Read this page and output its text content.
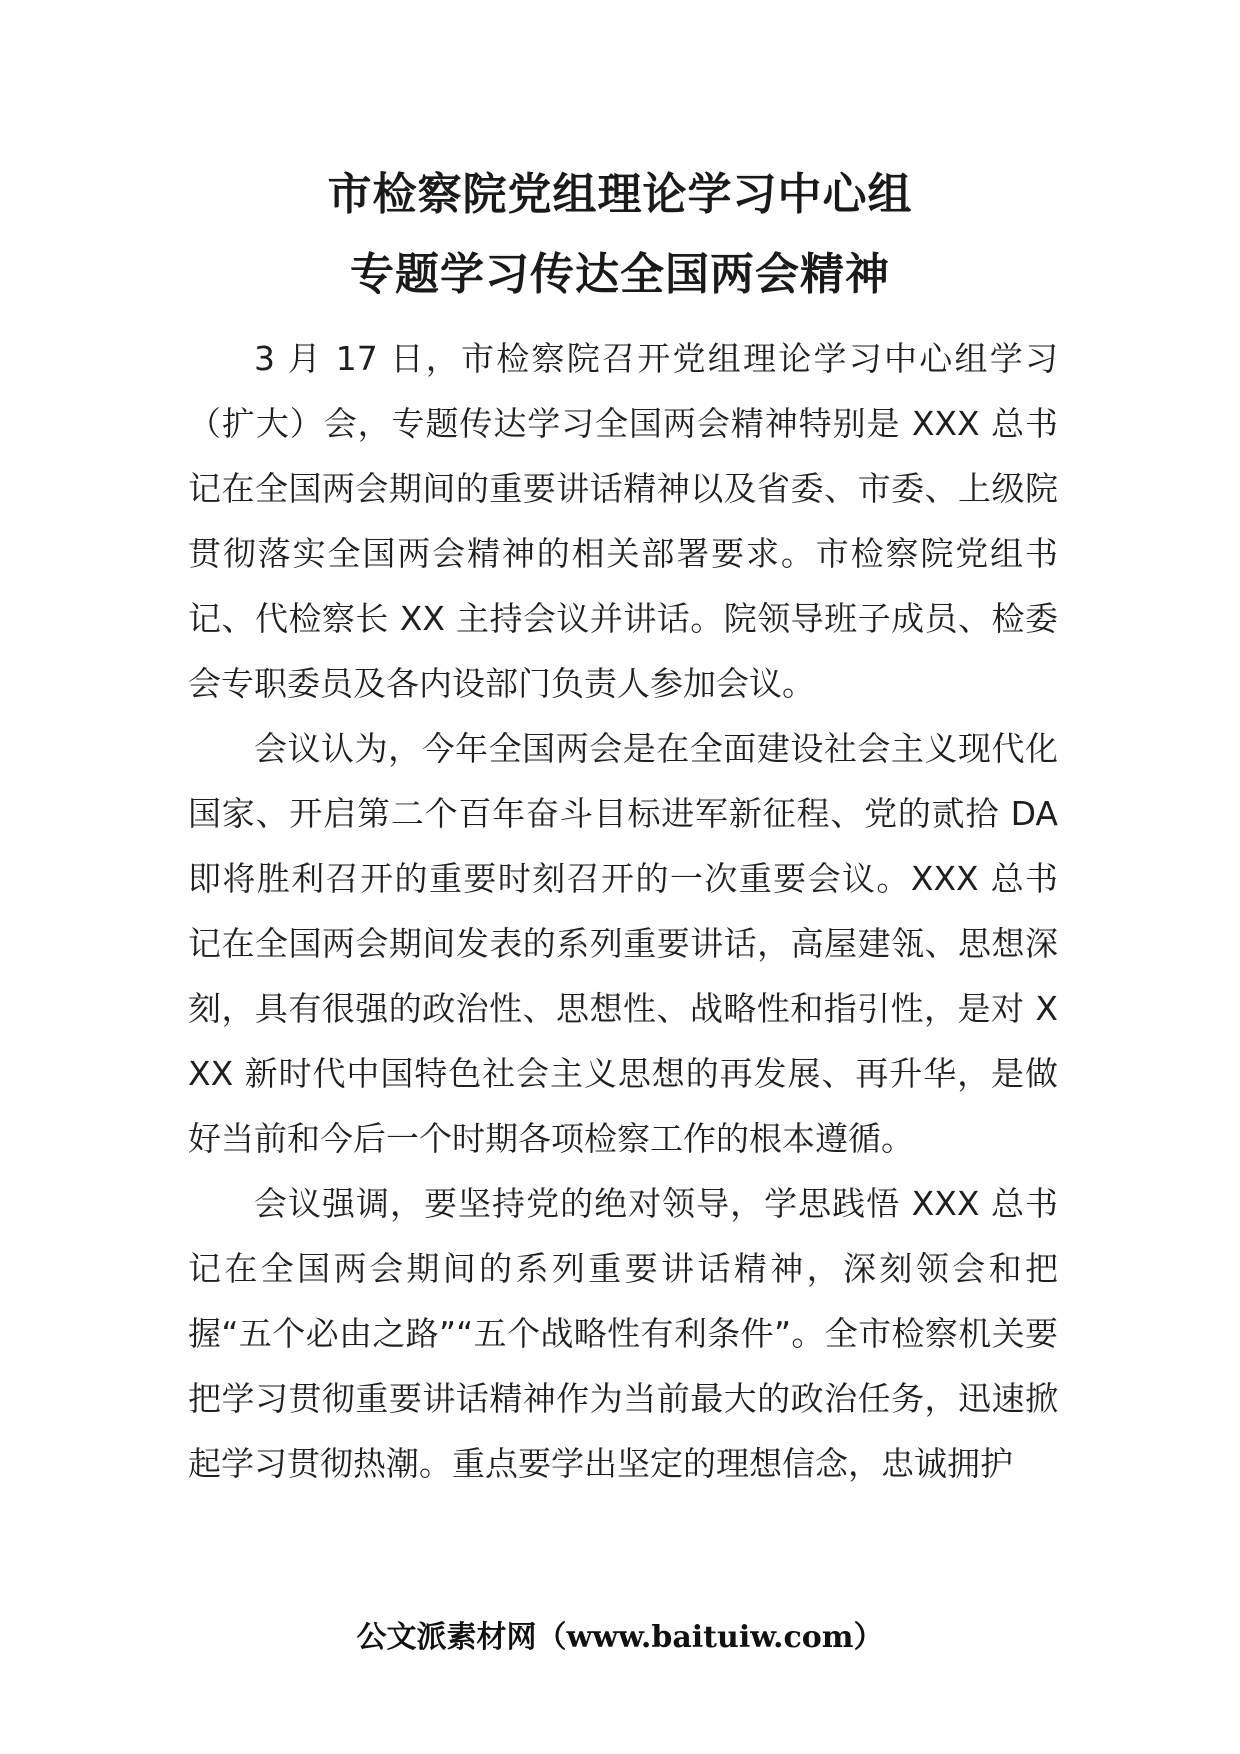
市检察院党组理论学习中心组
专题学习传达全国两会精神

3 月 17 日，市检察院召开党组理论学习中心组学习（扩大）会，专题传达学习全国两会精神特别是 XXX 总书记在全国两会期间的重要讲话精神以及省委、市委、上级院贯彻落实全国两会精神的相关部署要求。市检察院党组书记、代检察长 XX 主持会议并讲话。院领导班子成员、检委会专职委员及各内设部门负责人参加会议。

会议认为，今年全国两会是在全面建设社会主义现代化国家、开启第二个百年奋斗目标进军新征程、党的贰拾 DA 即将胜利召开的重要时刻召开的一次重要会议。XXX 总书记在全国两会期间发表的系列重要讲话，高屋建瓴、思想深刻，具有很强的政治性、思想性、战略性和指引性，是对 XXX 新时代中国特色社会主义思想的再发展、再升华，是做好当前和今后一个时期各项检察工作的根本遵循。

会议强调，要坚持党的绝对领导，学思践悟 XXX 总书记在全国两会期间的系列重要讲话精神，深刻领会和把握“五个必由之路”“五个战略性有利条件”。全市检察机关要把学习贯彻重要讲话精神作为当前最大的政治任务，迅速掀起学习贯彻热潮。重点要学出坚定的理想信念，忠诚拥护

公文派素材网（www.baituiw.com）
